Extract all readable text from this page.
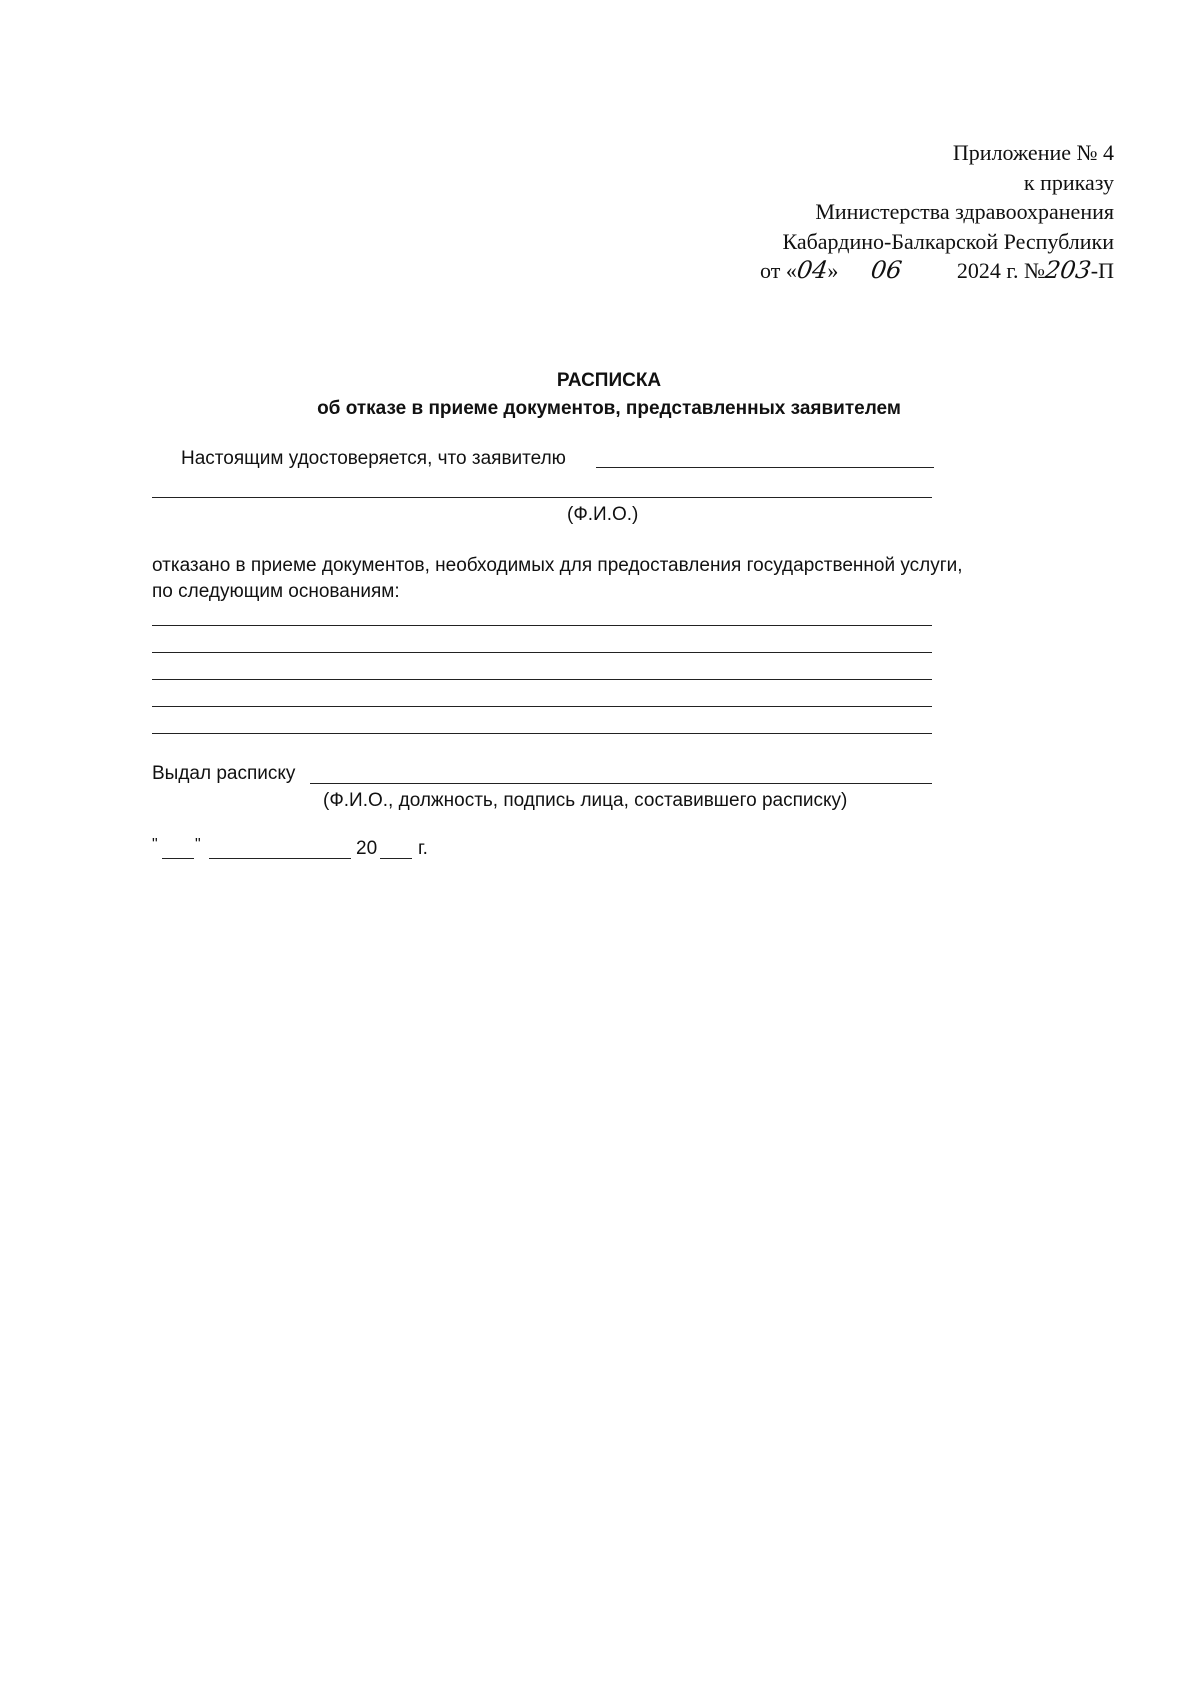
Приложение № 4
к приказу
Министерства здравоохранения
Кабардино-Балкарской Республики
от «04» 06 2024 г. №203-П
РАСПИСКА
об отказе в приеме документов, представленных заявителем
Настоящим удостоверяется, что заявителю
(Ф.И.О.)
отказано в приеме документов, необходимых для предоставления государственной услуги,
по следующим основаниям:
Выдал расписку
(Ф.И.О., должность, подпись лица, составившего расписку)
" "	20 г.
